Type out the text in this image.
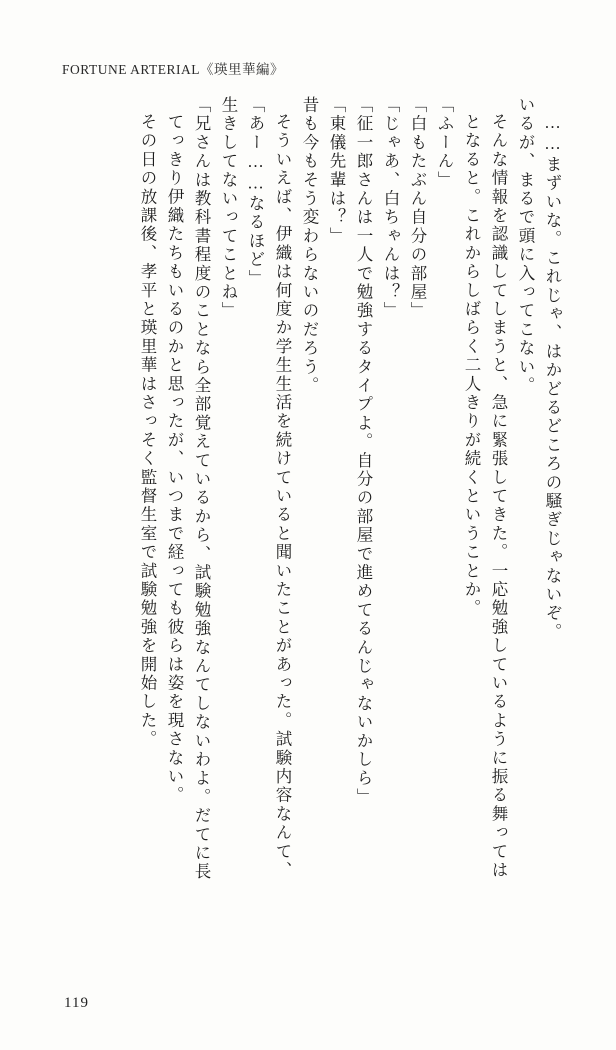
FORTUNE ARTERIAL《瑛里華編》
その日の放課後、孝平と瑛里華はさっそく監督生室で試験勉強を開始した。 てっきり伊織たちもいるのかと思ったが、いつまで経っても彼らは姿を現さない。 「兄さんは教科書程度のことなら全部覚えているから、試験勉強なんてしないわよ。だてに長 生きしてないってことね」 「あー……なるほど」 そういえば、伊織は何度か学生生活を続けていると聞いたことがあった。試験内容なんて、 昔も今もそう変わらないのだろう。 「東儀先輩は？」 「征一郎さんは一人で勉強するタイプよ。自分の部屋で進めてるんじゃないかしら」 「じゃあ、白ちゃんは？」 「白もたぶん自分の部屋」 「ふーん」 となると。これからしばらく二人きりが続くということか。 そんな情報を認識してしまうと、急に緊張してきた。一応勉強しているように振る舞っては いるが、まるで頭に入ってこない。 ……まずいな。これじゃ、はかどるどころの騒ぎじゃないぞ。
119
